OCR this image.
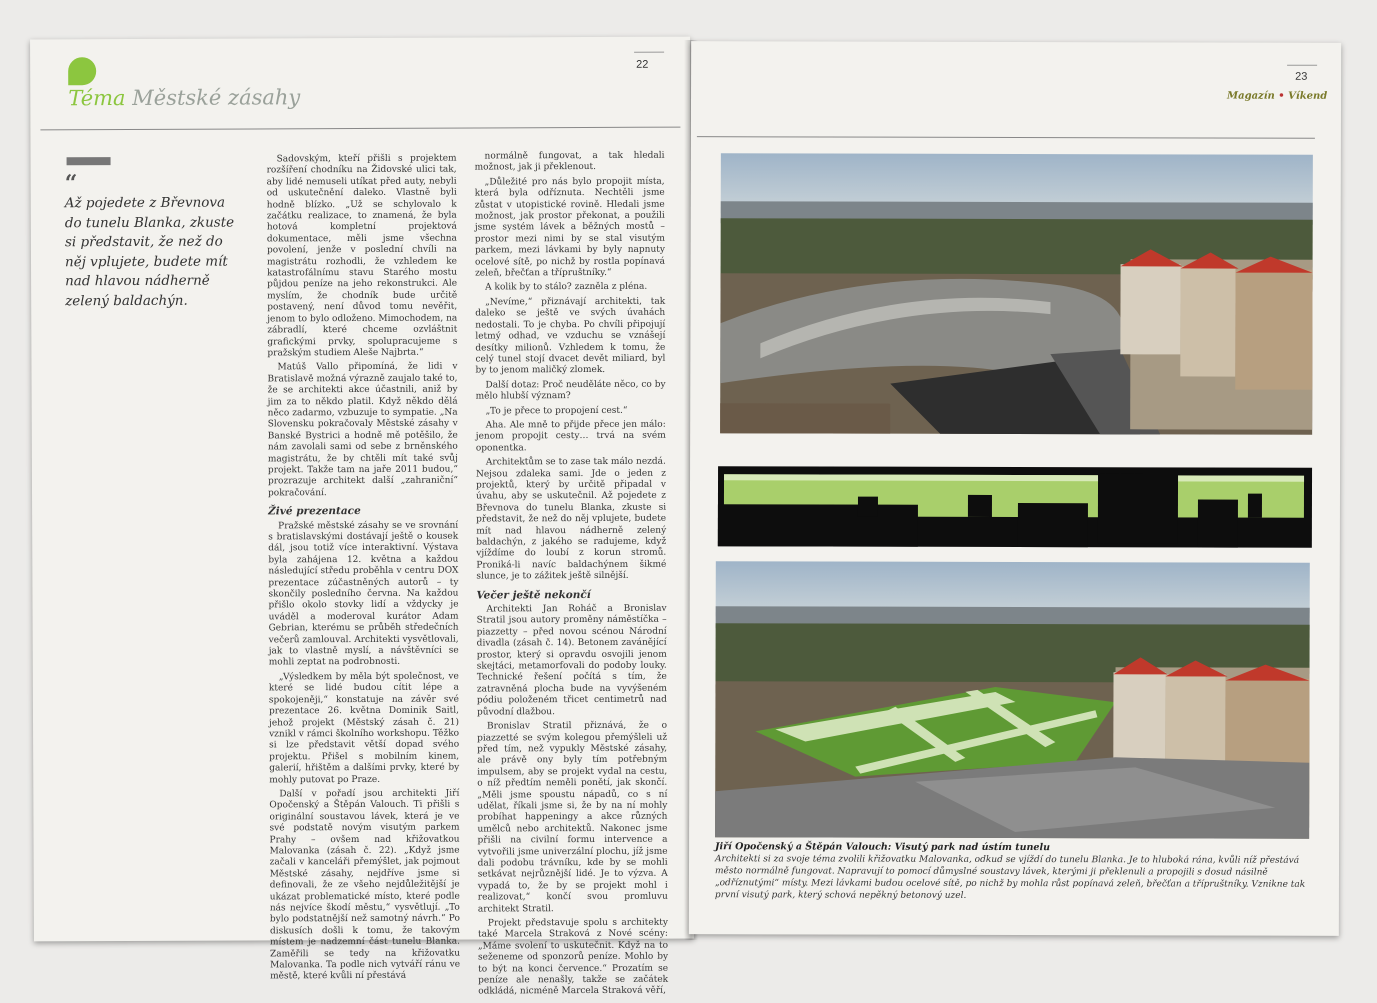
Téma Městské zásahy
22
“
Až pojedete z Břevnova do tunelu Blanka, zkuste si představit, že než do něj vplujete, budete mít nad hlavou nádherně zelený baldachýn.

Sadovským, kteří přišli s projektem rozšíření chodníku na Židovské ulici tak, aby lidé nemuseli utíkat před auty, nebyli od uskutečnění daleko. Vlastně byli hodně blízko. „Už se schylovalo k začátku realizace, to znamená, že byla hotová kompletní projektová dokumentace, měli jsme všechna povolení, jenže v poslední chvíli na magistrátu rozhodli, že vzhledem ke katastrofálnímu stavu Starého mostu půjdou peníze na jeho rekonstrukci. Ale myslím, že chodník bude určitě postavený, není důvod tomu nevěřit, jenom to bylo odloženo. Mimochodem, na zábradlí, které chceme ozvláštnit grafickými prvky, spolupracujeme s pražským studiem Aleše Najbrta.“

Matúš Vallo připomíná, že lidi v Bratislavě možná výrazně zaujalo také to, že se architekti akce účastnili, aniž by jim za to někdo platil. Když někdo dělá něco zadarmo, vzbuzuje to sympatie. „Na Slovensku pokračovaly Městské zásahy v Banské Bystrici a hodně mě potěšilo, že nám zavolali sami od sebe z brněnského magistrátu, že by chtěli mít také svůj projekt. Takže tam na jaře 2011 budou,“ prozrazuje architekt další „zahraniční“ pokračování.

Živé prezentace

Pražské městské zásahy se ve srovnání s bratislavskými dostávají ještě o kousek dál, jsou totiž více interaktivní. Výstava byla zahájena 12. května a každou následující středu proběhla v centru DOX prezentace zúčastněných autorů – ty skončily posledního června. Na každou přišlo okolo stovky lidí a vždycky je uváděl a moderoval kurátor Adam Gebrian, kterému se průběh středečních večerů zamlouval. Architekti vysvětlovali, jak to vlastně myslí, a návštěvníci se mohli zeptat na podrobnosti.

„Výsledkem by měla být společnost, ve které se lidé budou cítit lépe a spokojeněji,“ konstatuje na závěr své prezentace 26. května Dominik Saitl, jehož projekt (Městský zásah č. 21) vznikl v rámci školního workshopu. Těžko si lze představit větší dopad svého projektu. Přišel s mobilním kinem, galerií, hřištěm a dalšími prvky, které by mohly putovat po Praze.

Další v pořadí jsou architekti Jiří Opočenský a Štěpán Valouch. Ti přišli s originální soustavou lávek, která je ve své podstatě novým visutým parkem Prahy – ovšem nad křižovatkou Malovanka (zásah č. 22). „Když jsme začali v kanceláři přemýšlet, jak pojmout Městské zásahy, nejdříve jsme si definovali, že ze všeho nejdůležitější je ukázat problematické místo, které podle nás nejvíce škodí městu,“ vysvětlují. „To bylo podstatnější než samotný návrh.“ Po diskusích došli k tomu, že takovým místem je nadzemní část tunelu Blanka. Zaměřili se tedy na křižovatku Malovanka. Ta podle nich vytváří ránu ve městě, které kvůli ní přestává

normálně fungovat, a tak hledali možnost, jak ji překlenout.

„Důležité pro nás bylo propojit místa, která byla odříznuta. Nechtěli jsme zůstat v utopistické rovině. Hledali jsme možnost, jak prostor překonat, a použili jsme systém lávek a běžných mostů – prostor mezi nimi by se stal visutým parkem, mezi lávkami by byly napnuty ocelové sítě, po nichž by rostla popínavá zeleň, břečťan a třípruštníky.“

A kolik by to stálo? zazněla z pléna.

„Nevíme,“ přiznávají architekti, tak daleko se ještě ve svých úvahách nedostali. To je chyba. Po chvíli připojují letmý odhad, ve vzduchu se vznášejí desítky milionů. Vzhledem k tomu, že celý tunel stojí dvacet devět miliard, byl by to jenom maličký zlomek.

Další dotaz: Proč neuděláte něco, co by mělo hlubší význam?

„To je přece to propojení cest.“

Aha. Ale mně to přijde přece jen málo: jenom propojit cesty… trvá na svém oponentka.

Architektům se to zase tak málo nezdá. Nejsou zdaleka sami. Jde o jeden z projektů, který by určitě připadal v úvahu, aby se uskutečnil. Až pojedete z Břevnova do tunelu Blanka, zkuste si představit, že než do něj vplujete, budete mít nad hlavou nádherně zelený baldachýn, z jakého se radujeme, když vjíždíme do loubí z korun stromů. Proniká-li navíc baldachýnem šikmé slunce, je to zážitek ještě silnější.

Večer ještě nekončí

Architekti Jan Roháč a Bronislav Stratil jsou autory proměny náměstíčka – piazzetty – před novou scénou Národní divadla (zásah č. 14). Betonem zavánějící prostor, který si opravdu osvojili jenom skejtáci, metamorfovali do podoby louky. Technické řešení počítá s tím, že zatravněná plocha bude na vyvýšeném pódiu položeném třicet centimetrů nad původní dlažbou.

Bronislav Stratil přiznává, že o piazzetté se svým kolegou přemýšleli už před tím, než vypukly Městské zásahy, ale právě ony byly tím potřebným impulsem, aby se projekt vydal na cestu, o níž předtím neměli ponětí, jak skončí. „Měli jsme spoustu nápadů, co s ní udělat, říkali jsme si, že by na ní mohly probíhat happeningy a akce různých umělců nebo architektů. Nakonec jsme přišli na civilní formu intervence a vytvořili jsme univerzální plochu, jíž jsme dali podobu trávníku, kde by se mohli setkávat nejrůznější lidé. Je to výzva. A vypadá to, že by se projekt mohl i realizovat,“ končí svou promluvu architekt Stratil.

Projekt představuje spolu s architekty také Marcela Straková z Nové scény: „Máme svolení to uskutečnit. Když na to seženeme od sponzorů peníze. Mohlo by to být na konci července.“ Prozatím se peníze ale nenašly, takže se začátek odkládá, nicméně Marcela Straková věří,

23
Magazín • Víkend
Jiří Opočenský a Štěpán Valouch: Visutý park nad ústím tunelu
Architekti si za svoje téma zvolili křižovatku Malovanka, odkud se vjíždí do tunelu Blanka. Je to hluboká rána, kvůli níž přestává město normálně fungovat. Napravují to pomocí důmyslné soustavy lávek, kterými ji překlenuli a propojili s dosud násilně „odříznutými“ místy. Mezi lávkami budou ocelové sítě, po nichž by mohla růst popínavá zeleň, břečťan a třípruštníky. Vznikne tak první visutý park, který schová nepěkný betonový uzel.
